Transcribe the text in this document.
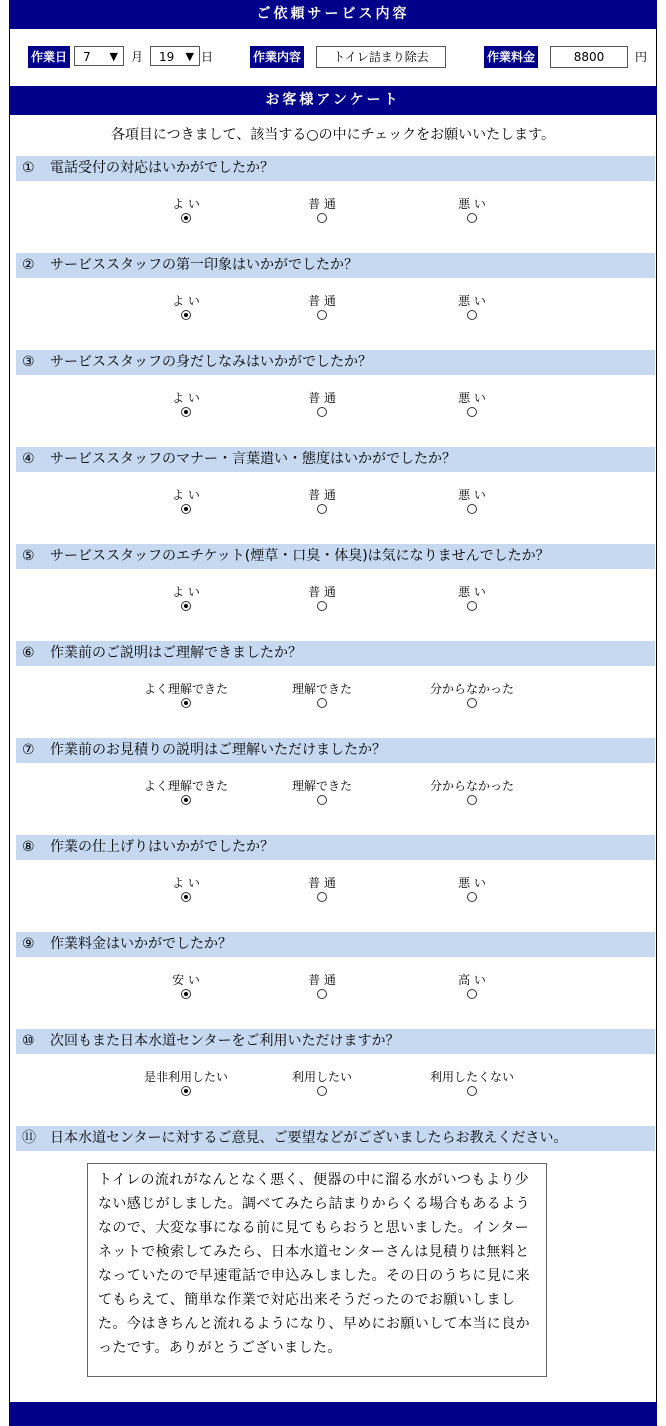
ご依頼サービス内容
作業日 7 ▼ 月 19 ▼ 日	作業内容	トイレ詰まり除去	作業料金	8800	円
お客様アンケート
各項目につきまして、該当する○の中にチェックをお願いいたします。
① 電話受付の対応はいかがでしたか？
よ い	普 通	悪 い
② サービススタッフの第一印象はいかがでしたか？
よ い	普 通	悪 い
③ サービススタッフの身だしなみはいかがでしたか？
よ い	普 通	悪 い
④ サービススタッフのマナー・言葉遣い・態度はいかがでしたか？
よ い	普 通	悪 い
⑤ サービススタッフのエチケット(煙草・口臭・体臭)は気になりませんでしたか？
よ い	普 通	悪 い
⑥ 作業前のご説明はご理解できましたか？
よく理解できた	理解できた	分からなかった
⑦ 作業前のお見積りの説明はご理解いただけましたか？
よく理解できた	理解できた	分からなかった
⑧ 作業の仕上げりはいかがでしたか？
よ い	普 通	悪 い
⑨ 作業料金はいかがでしたか？
安 い	普 通	高 い
⑩ 次回もまた日本水道センターをご利用いただけますか？
是非利用したい	利用したい	利用したくない
⑪ 日本水道センターに対するご意見、ご要望などがございましたらお教えください。
トイレの流れがなんとなく悪く、便器の中に溜る水がいつもより少ない感じがしました。調べてみたら詰まりからくる場合もあるようなので、大変な事になる前に見てもらおうと思いました。インターネットで検索してみたら、日本水道センターさんは見積りは無料となっていたので早速電話で申込みしました。その日のうちに見に来てもらえて、簡単な作業で対応出来そうだったのでお願いしました。今はきちんと流れるようになり、早めにお願いして本当に良かったです。ありがとうございました。
